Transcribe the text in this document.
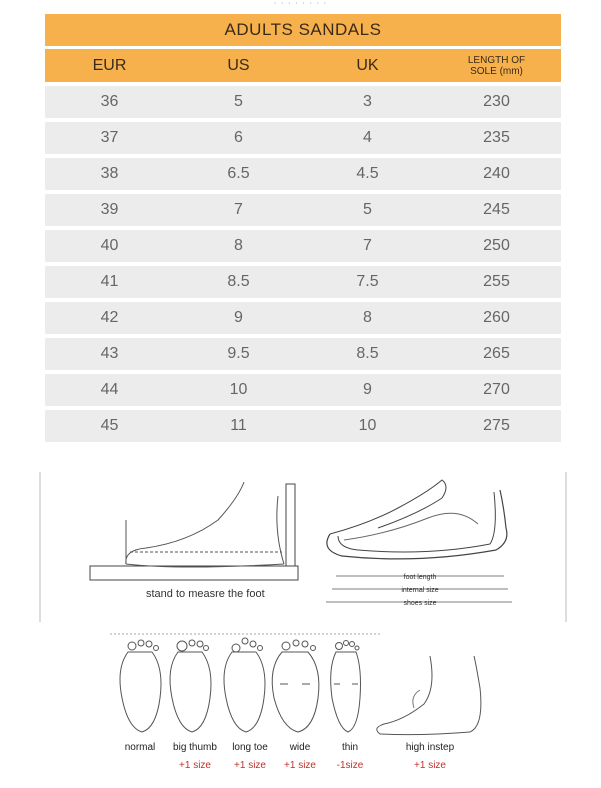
· · · · · · · ·
ADULTS SANDALS
EUR	US	UK	LENGTH OF
SOLE (mm)
36	5	3	230
37	6	4	235
38	6.5	4.5	240
39	7	5	245
40	8	7	250
41	8.5	7.5	255
42	9	8	260
43	9.5	8.5	265
44	10	9	270
45	11	10	275
foot length
internal size
shoes size
stand to measre the foot
normal	big thumb
+1 size
long toe
+1 size
wide
+1 size
thin
-1size
high instep
+1 size
